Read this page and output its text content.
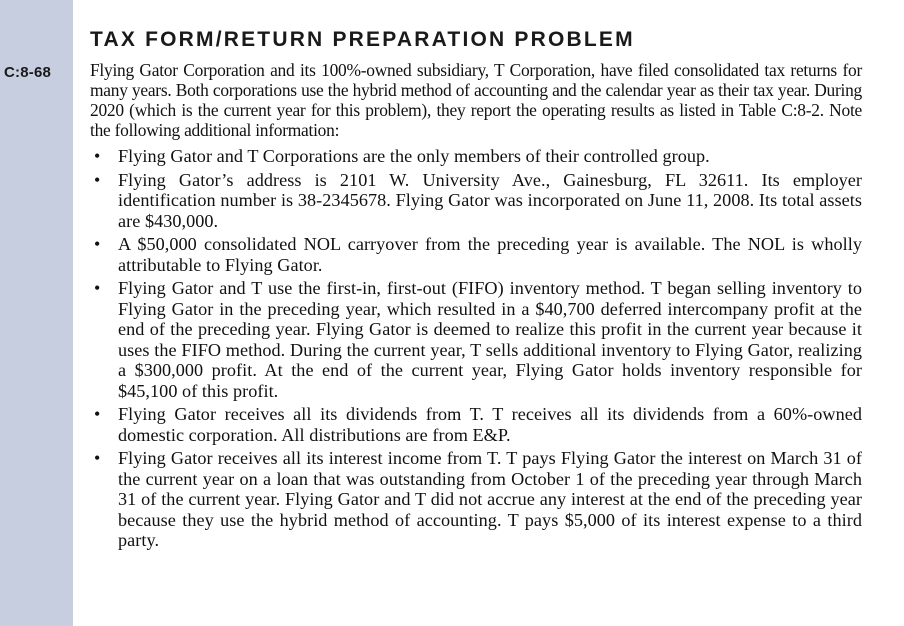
C:8-68
TAX FORM/RETURN PREPARATION PROBLEM

Flying Gator Corporation and its 100%-owned subsidiary, T Corporation, have filed consolidated tax returns for many years. Both corporations use the hybrid method of accounting and the calendar year as their tax year. During 2020 (which is the current year for this problem), they report the operating results as listed in Table C:8-2. Note the following additional information:

• Flying Gator and T Corporations are the only members of their controlled group.
• Flying Gator’s address is 2101 W. University Ave., Gainesburg, FL 32611. Its employer identification number is 38-2345678. Flying Gator was incorporated on June 11, 2008. Its total assets are $430,000.
• A $50,000 consolidated NOL carryover from the preceding year is available. The NOL is wholly attributable to Flying Gator.
• Flying Gator and T use the first-in, first-out (FIFO) inventory method. T began selling inventory to Flying Gator in the preceding year, which resulted in a $40,700 deferred intercompany profit at the end of the preceding year. Flying Gator is deemed to realize this profit in the current year because it uses the FIFO method. During the current year, T sells additional inventory to Flying Gator, realizing a $300,000 profit. At the end of the current year, Flying Gator holds inventory responsible for $45,100 of this profit.
• Flying Gator receives all its dividends from T. T receives all its dividends from a 60%-owned domestic corporation. All distributions are from E&P.
• Flying Gator receives all its interest income from T. T pays Flying Gator the interest on March 31 of the current year on a loan that was outstanding from October 1 of the preceding year through March 31 of the current year. Flying Gator and T did not accrue any interest at the end of the preceding year because they use the hybrid method of accounting. T pays $5,000 of its interest expense to a third party.
